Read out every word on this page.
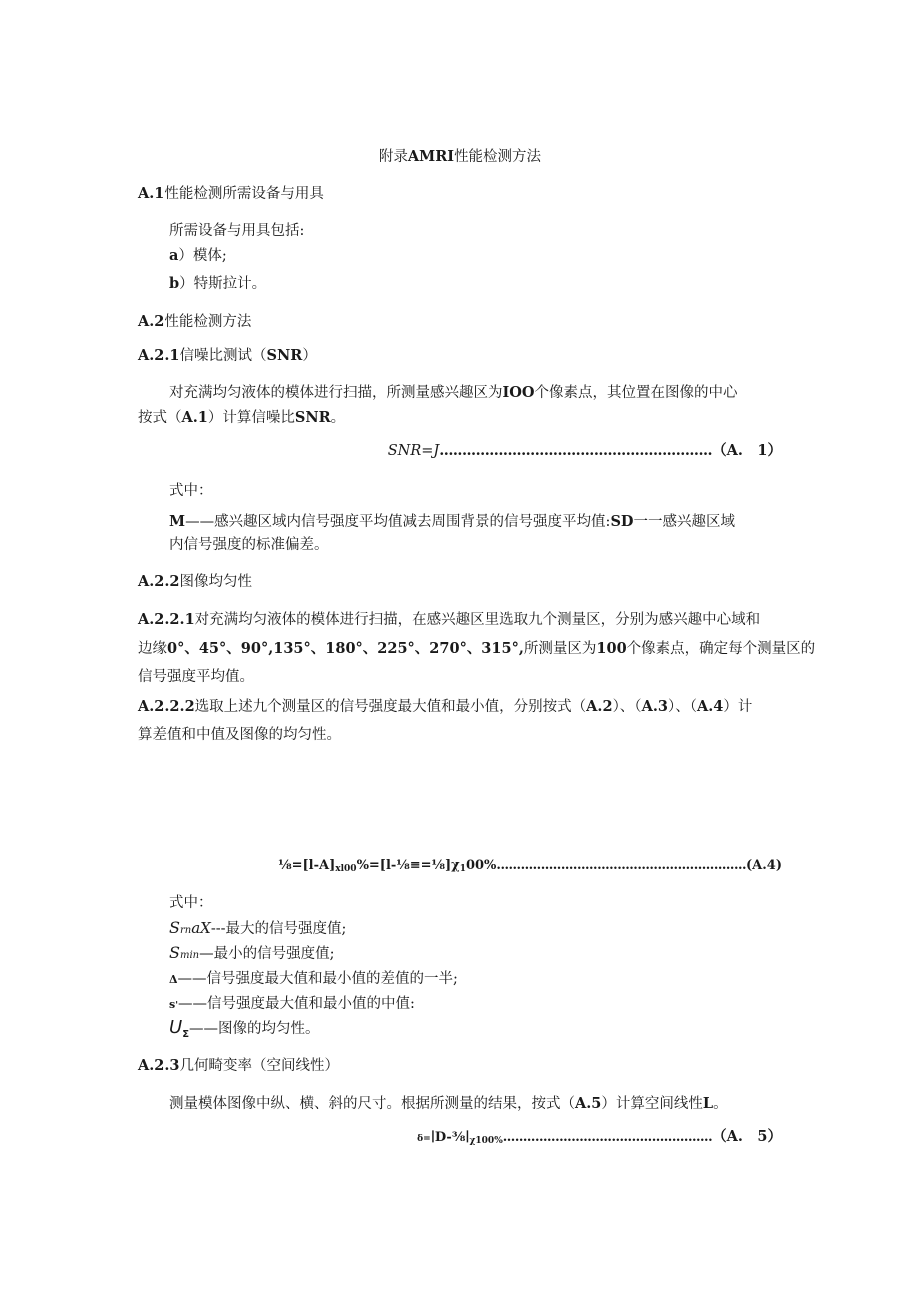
附录AMRI性能检测方法
A.1性能检测所需设备与用具
所需设备与用具包括:
a）模体;
b）特斯拉计。
A.2性能检测方法
A.2.1信噪比测试（SNR）
对充满均匀液体的模体进行扫描，所测量感兴趣区为IOO个像素点，其位置在图像的中心
按式（A.1）计算信噪比SNR。
SNR=J............................................................（A.　1）
式中：
M——感兴趣区域内信号强度平均值减去周围背景的信号强度平均值:SD一一感兴趣区域
内信号强度的标准偏差。
A.2.2图像均匀性
A.2.2.1对充满均匀液体的模体进行扫描，在感兴趣区里选取九个测量区，分别为感兴趣中心域和
边缘0°、45°、90°,135°、180°、225°、270°、315°,所测量区为100个像素点，确定每个测量区的
信号强度平均值。
A.2.2.2选取上述九个测量区的信号强度最大值和最小值，分别按式（A.2）、（A.3）、（A.4）计
算差值和中值及图像的均匀性。
$\frac{1}{8}=[l-A]_{xl00}\%=[l-\frac{1}{8}\equiv=\frac{1}{8}]\chi_100\%..............................................................(A.4)$
式中：
SrnaX---最大的信号强度值;
Smin—最小的信号强度值;
Δ——信号强度最大值和最小值的差值的一半;
s'——信号强度最大值和最小值的中值:
$U_\Sigma——$图像的均匀性。
A.2.3几何畸变率（空间线性）
测量模体图像中纵、横、斜的尺寸。根据所测量的结果，按式（A.5）计算空间线性L。
$\delta=∣D-\frac{3}{8}∣_{\chi 100\%}....................................................(A$.　5）
